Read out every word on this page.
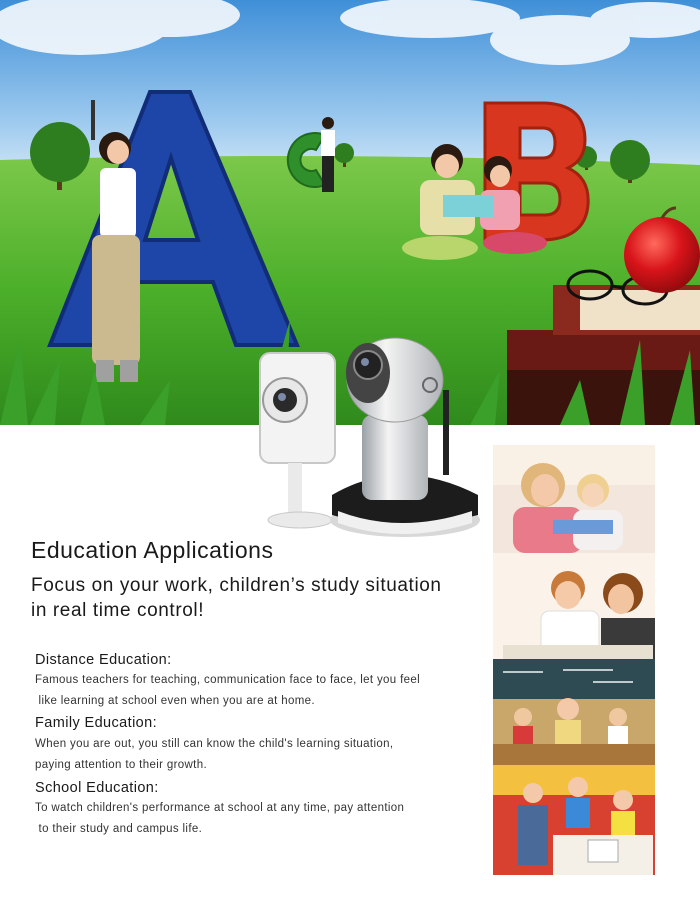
Education Applications
Focus on your work, children’s study situation
in real time control!
Distance Education:
Famous teachers for teaching, communication face to face, let you feel
like learning at school even when you are at home.
Family Education:
When you are out, you still can know the child's learning situation,
paying attention to their growth.
School Education:
To watch children's performance at school at any time, pay attention
to their study and campus life.
